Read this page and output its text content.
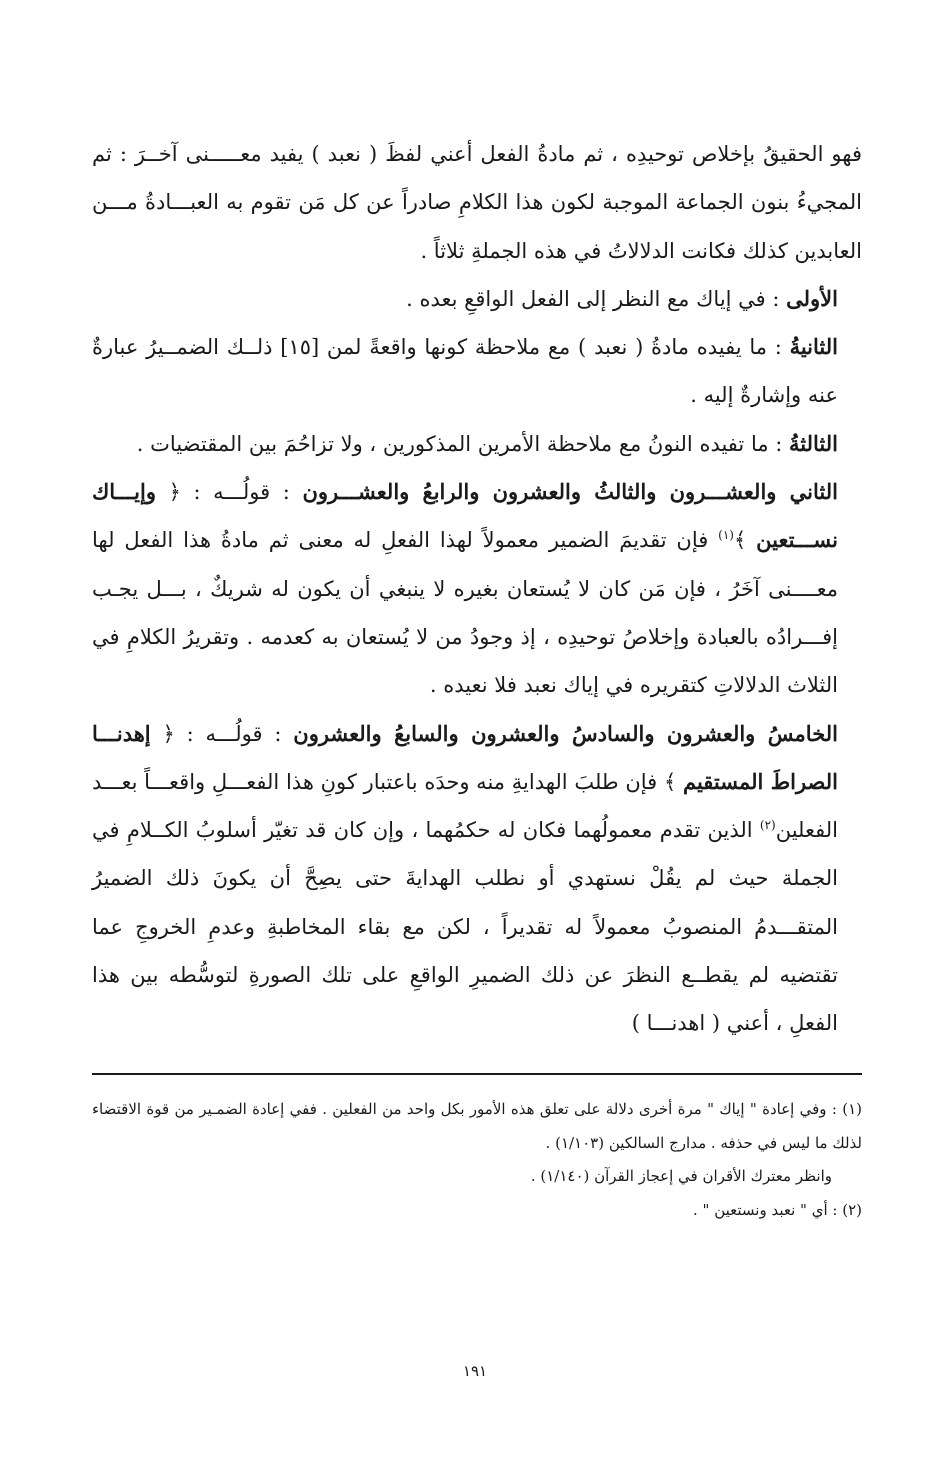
فهو الحقيقُ بإخلاص توحيدِه ، ثم مادةُ الفعل أعني لفظَ ( نعبد ) يفيد معـــــنى آخــرَ : ثم المجيءُ بنون الجماعة الموجبة لكون هذا الكلامِ صادراً عن كل مَن تقوم به العبـــادةُ مـــن العابدين كذلك فكانت الدلالاتُ في هذه الجملةِ ثلاثاً .

الأولى : في إياك مع النظر إلى الفعل الواقعِ بعده .

الثانيةُ : ما يفيده مادةُ ( نعبد ) مع ملاحظة كونها واقعةً لمن [١٥] ذلــك الضمــيرُ عبارةٌ عنه وإشارةٌ إليه .

الثالثةُ : ما تفيده النونُ مع ملاحظة الأمرين المذكورين ، ولا تزاحُمَ بين المقتضيات .

الثاني والعشـــرون والثالثُ والعشرون والرابعُ والعشـــرون : قولُـــه : ﴿ وإيـــاك نســـتعين ﴾$^{(١)}$ فإن تقديمَ الضمير معمولاً لهذا الفعلِ له معنى ثم مادةُ هذا الفعل لها معــــنى آخَرُ ، فإن مَن كان لا يُستعان بغيره لا ينبغي أن يكون له شريكٌ ، بـــل يجـب إفـــرادُه بالعبادة وإخلاصُ توحيدِه ، إذ وجودُ من لا يُستعان به كعدمه . وتقريرُ الكلامِ في الثلاث الدلالاتِ كتقريره في إياك نعبد فلا نعيده .

الخامسُ والعشرون والسادسُ والعشرون والسابعُ والعشرون : قولُـــه : ﴿ إهدنـــا الصراطَ المستقيم ﴾ فإن طلبَ الهدايةِ منه وحدَه باعتبار كونِ هذا الفعـــلِ واقعـــاً بعـــد الفعلين$^{(٢)}$ الذين تقدم معمولُهما فكان له حكمُهما ، وإن كان قد تغيّر أسلوبُ الكــلامِ في الجملة حيث لم يقُلْ نستهدي أو نطلب الهدايةَ حتى يصِحَّ أن يكونَ ذلك الضميرُ المتقـــدمُ المنصوبُ معمولاً له تقديراً ، لكن مع بقاء المخاطبةِ وعدمِ الخروجِ عما تقتضيه لم يقطــع النظرَ عن ذلك الضميرِ الواقعِ على تلك الصورةِ لتوسُّطه بين هذا الفعلِ ، أعني ( اهدنـــا )

(١) : وفي إعادة " إياك " مرة أخرى دلالة على تعلق هذه الأمور بكل واحد من الفعلين . ففي إعادة الضمـير من قوة الاقتضاء لذلك ما ليس في حذفه . مدارج السالكين (١/١٠٣) .

وانظر معترك الأقران في إعجاز القرآن (١/١٤٠) .

(٢) : أي " نعبد ونستعين " .

١٩١
